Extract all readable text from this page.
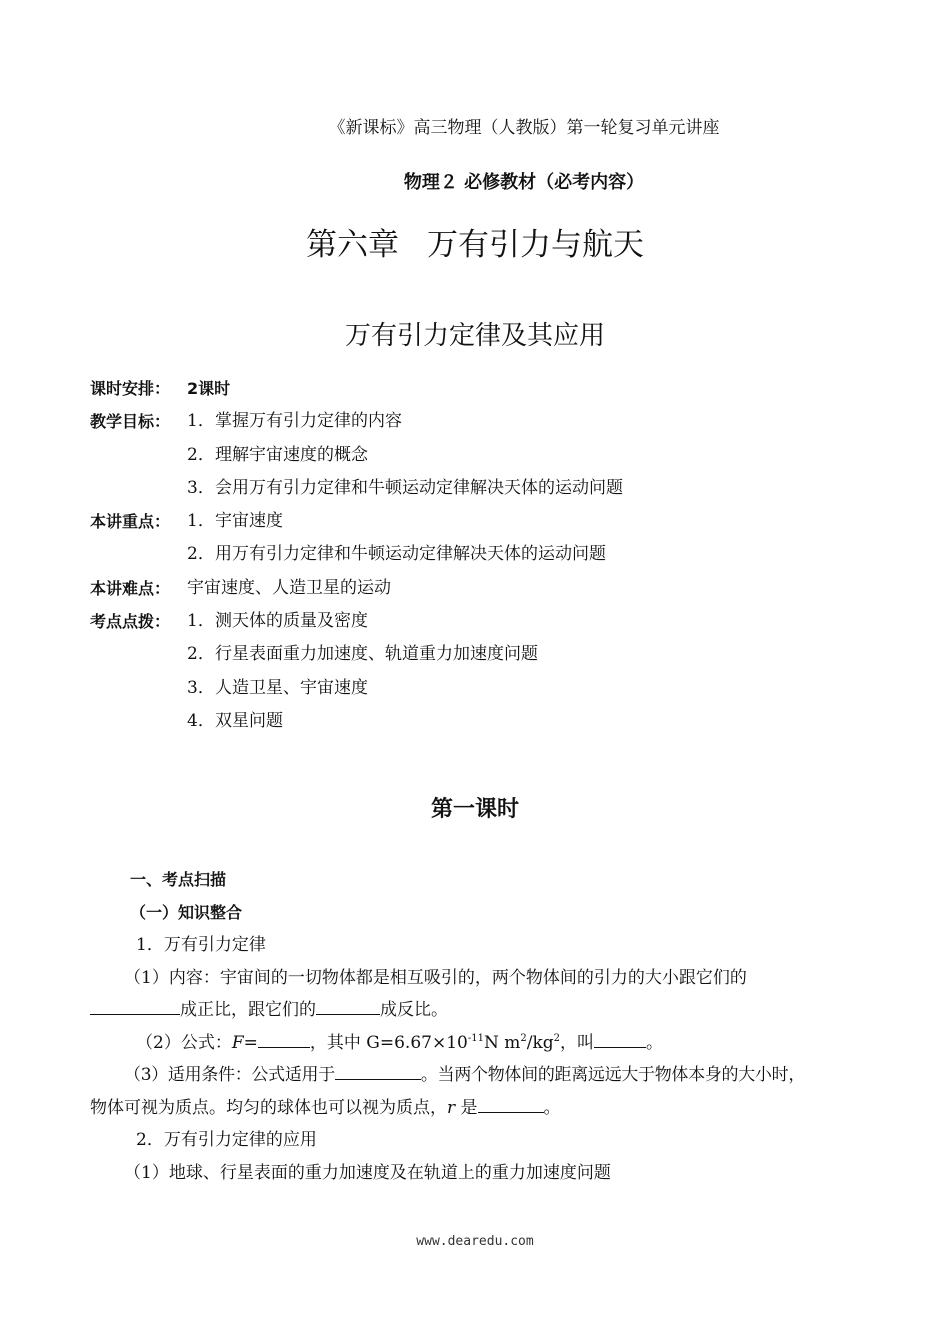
《新课标》高三物理（人教版）第一轮复习单元讲座
物理２ 必修教材（必考内容）
第六章 万有引力与航天
万有引力定律及其应用
课时安排：	2课时
教学目标： 1．掌握万有引力定律的内容
2．理解宇宙速度的概念
3．会用万有引力定律和牛顿运动定律解决天体的运动问题
本讲重点： 1．宇宙速度
2．用万有引力定律和牛顿运动定律解决天体的运动问题
本讲难点： 宇宙速度、人造卫星的运动
考点点拨： 1．测天体的质量及密度
2．行星表面重力加速度、轨道重力加速度问题
3．人造卫星、宇宙速度
4．双星问题
第一课时
一、考点扫描
（一）知识整合
1．万有引力定律
（1）内容：宇宙间的一切物体都是相互吸引的，两个物体间的引力的大小跟它们的
成正比，跟它们的	成反比。
（2）公式：F=	，其中 $G=6.67\times 10^{-11}N$ $m^2/kg^2$，叫	。
（3）适用条件：公式适用于	。当两个物体间的距离远远大于物体本身的大小时，
物体可视为质点。均匀的球体也可以视为质点，r 是	。
2．万有引力定律的应用
（1）地球、行星表面的重力加速度及在轨道上的重力加速度问题
www.dearedu.com
